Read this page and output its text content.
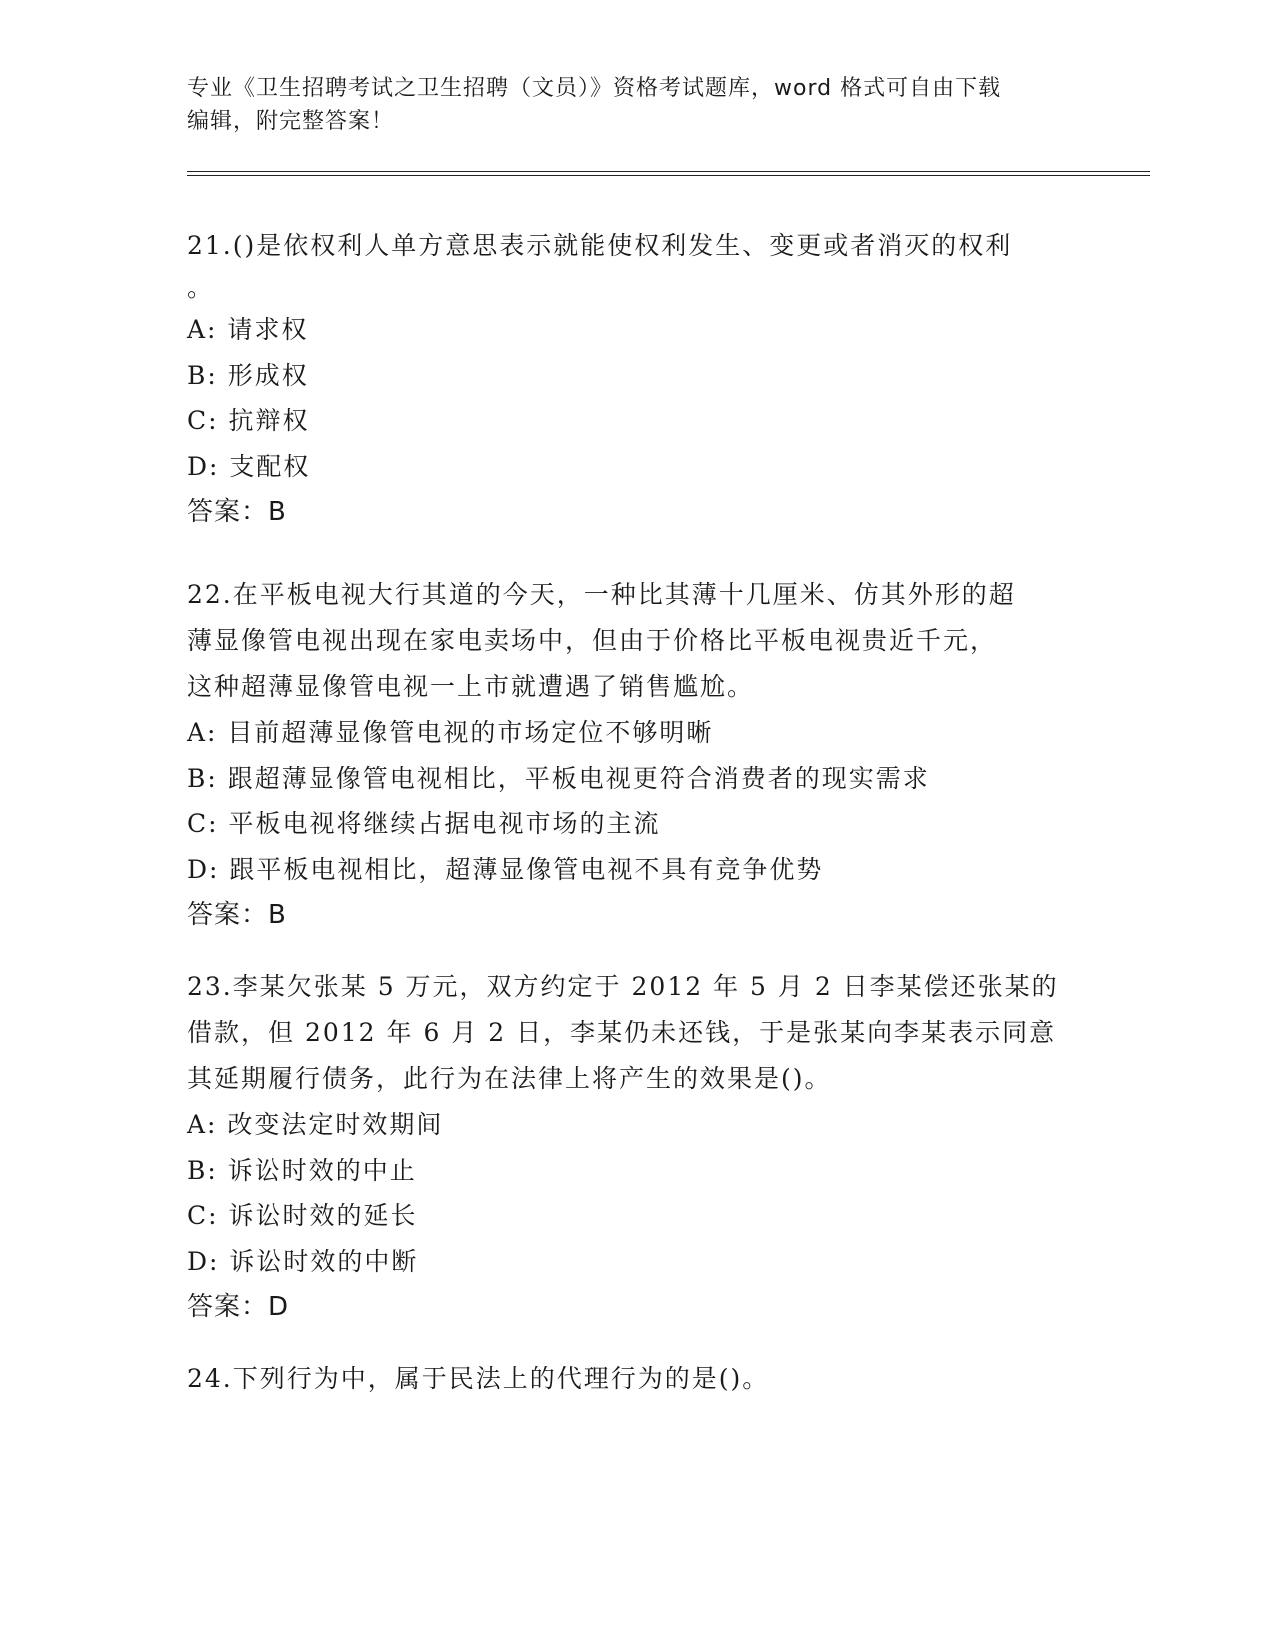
专业《卫生招聘考试之卫生招聘（文员）》资格考试题库，word 格式可自由下载
编辑，附完整答案！
21.()是依权利人单方意思表示就能使权利发生、变更或者消灭的权利
。
A: 请求权
B: 形成权
C: 抗辩权
D: 支配权
答案：B
22.在平板电视大行其道的今天，一种比其薄十几厘米、仿其外形的超
薄显像管电视出现在家电卖场中，但由于价格比平板电视贵近千元，
这种超薄显像管电视一上市就遭遇了销售尴尬。
A: 目前超薄显像管电视的市场定位不够明晰
B: 跟超薄显像管电视相比，平板电视更符合消费者的现实需求
C: 平板电视将继续占据电视市场的主流
D: 跟平板电视相比，超薄显像管电视不具有竞争优势
答案：B
23.李某欠张某 5 万元，双方约定于 2012 年 5 月 2 日李某偿还张某的
借款，但 2012 年 6 月 2 日，李某仍未还钱，于是张某向李某表示同意
其延期履行债务，此行为在法律上将产生的效果是()。
A: 改变法定时效期间
B: 诉讼时效的中止
C: 诉讼时效的延长
D: 诉讼时效的中断
答案：D
24.下列行为中，属于民法上的代理行为的是()。
